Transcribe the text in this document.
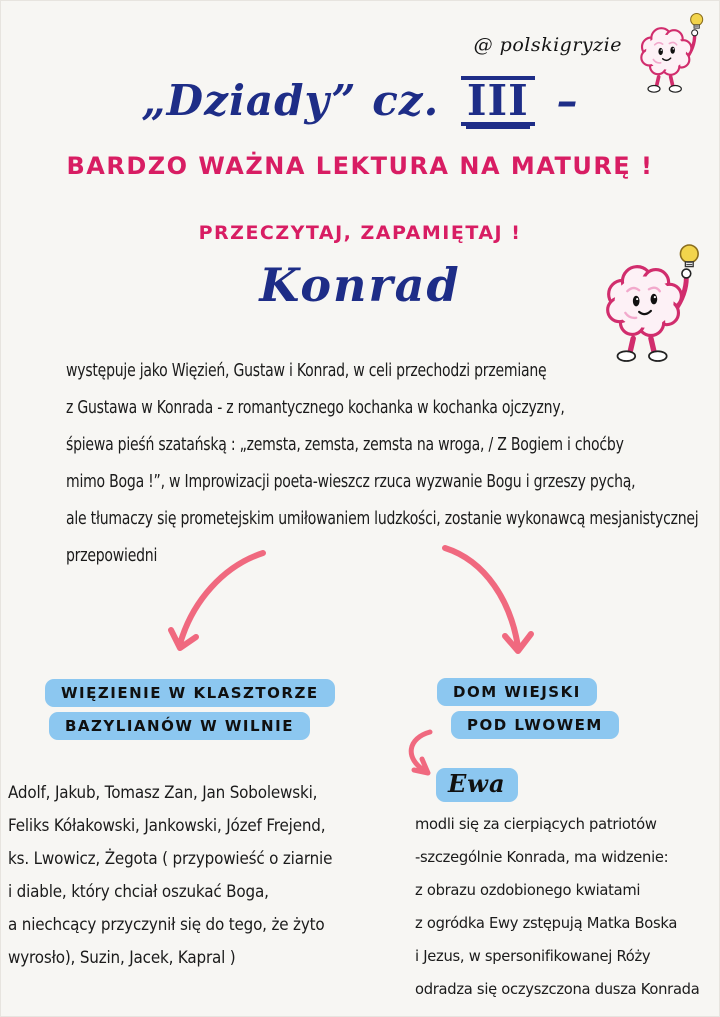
@ polskigryzie
„Dziady” cz. III –
BARDZO WAŻNA LEKTURA NA MATURĘ !
PRZECZYTAJ, ZAPAMIĘTAJ !
Konrad
występuje jako Więzień, Gustaw i Konrad, w celi przechodzi przemianę
z Gustawa w Konrada - z romantycznego kochanka w kochanka ojczyzny,
śpiewa pieśń szatańską : „zemsta, zemsta, zemsta na wroga, / Z Bogiem i choćby
mimo Boga !”, w Improwizacji poeta-wieszcz rzuca wyzwanie Bogu i grzeszy pychą,
ale tłumaczy się prometejskim umiłowaniem ludzkości, zostanie wykonawcą mesjanistycznej
przepowiedni
WIĘZIENIE W KLASZTORZE
BAZYLIANÓW W WILNIE
DOM WIEJSKI
POD LWOWEM
Ewa
Adolf, Jakub, Tomasz Zan, Jan Sobolewski,
Feliks Kółakowski, Jankowski, Józef Frejend,
ks. Lwowicz, Żegota ( przypowieść o ziarnie
i diable, który chciał oszukać Boga,
a niechcący przyczynił się do tego, że żyto
wyrosło), Suzin, Jacek, Kapral )
modli się za cierpiących patriotów
-szczególnie Konrada, ma widzenie:
z obrazu ozdobionego kwiatami
z ogródka Ewy zstępują Matka Boska
i Jezus, w spersonifikowanej Róży
odradza się oczyszczona dusza Konrada
